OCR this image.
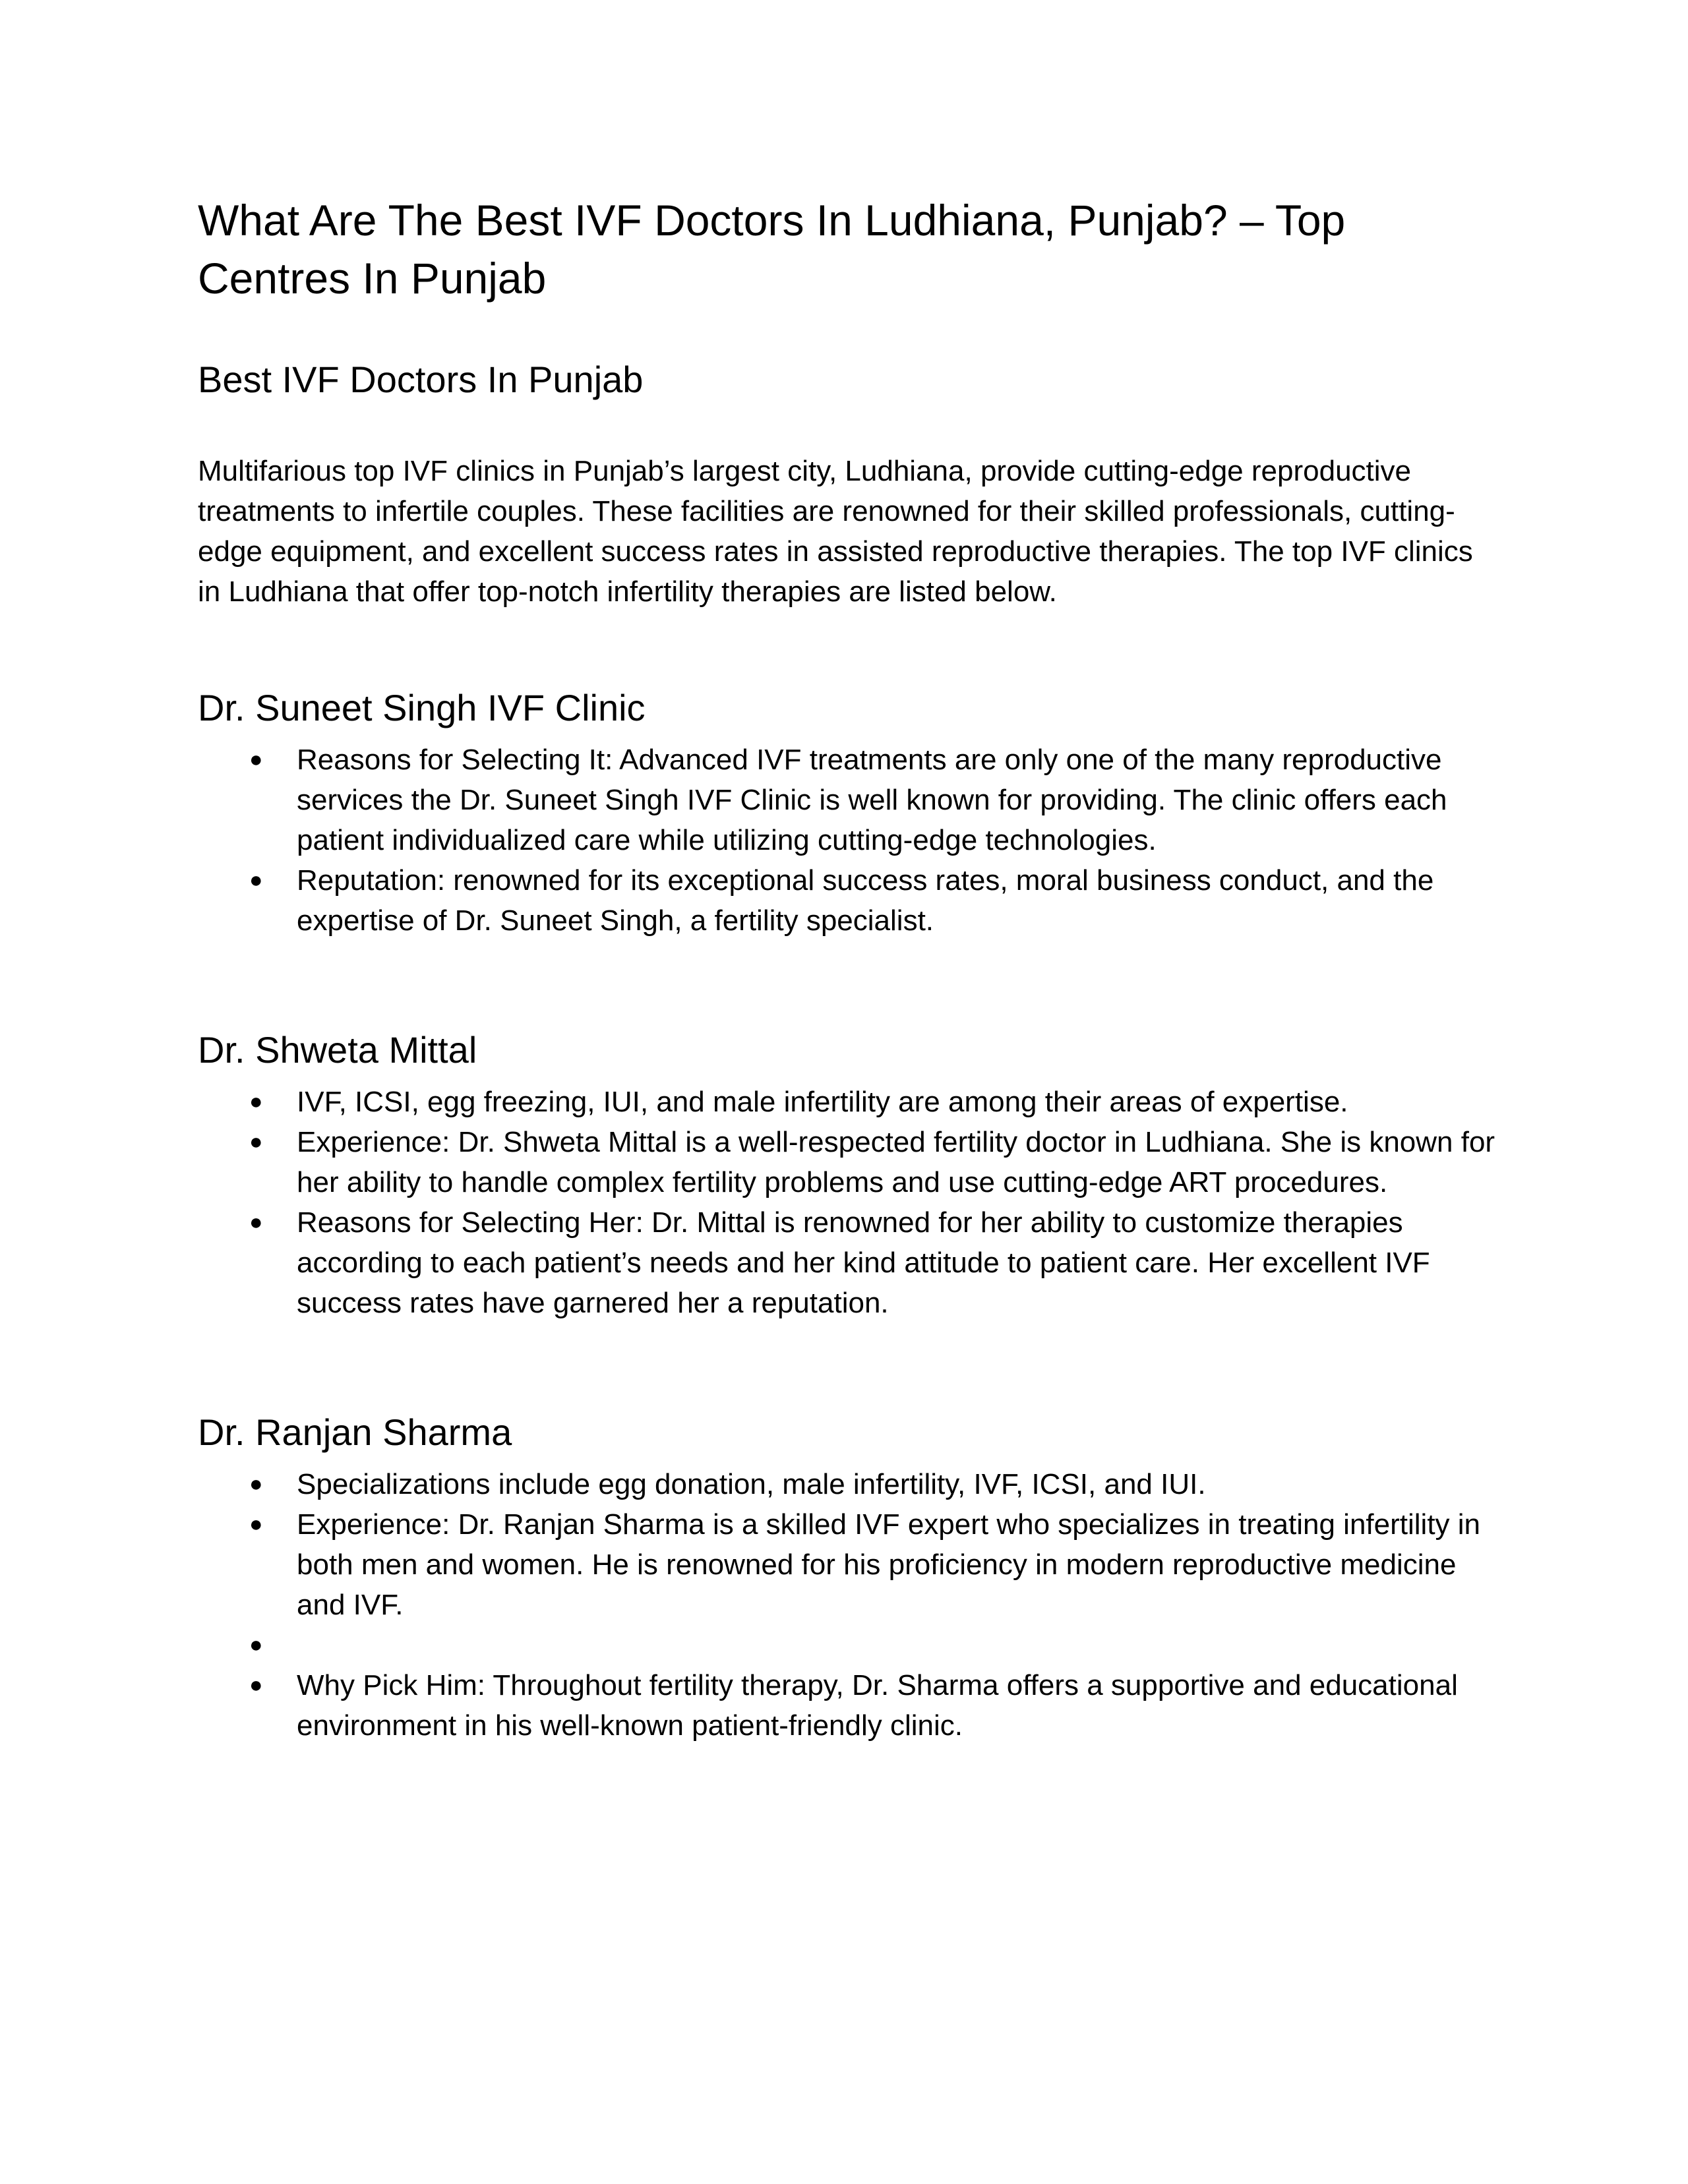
What Are The Best IVF Doctors In Ludhiana, Punjab? – Top Centres In Punjab
Best IVF Doctors In Punjab

Multifarious top IVF clinics in Punjab’s largest city, Ludhiana, provide cutting-edge reproductive treatments to infertile couples. These facilities are renowned for their skilled professionals, cutting-edge equipment, and excellent success rates in assisted reproductive therapies. The top IVF clinics in Ludhiana that offer top-notch infertility therapies are listed below.

Dr. Suneet Singh IVF Clinic
● Reasons for Selecting It: Advanced IVF treatments are only one of the many reproductive services the Dr. Suneet Singh IVF Clinic is well known for providing. The clinic offers each patient individualized care while utilizing cutting-edge technologies.
● Reputation: renowned for its exceptional success rates, moral business conduct, and the expertise of Dr. Suneet Singh, a fertility specialist.
Dr. Shweta Mittal
● IVF, ICSI, egg freezing, IUI, and male infertility are among their areas of expertise.
● Experience: Dr. Shweta Mittal is a well-respected fertility doctor in Ludhiana. She is known for her ability to handle complex fertility problems and use cutting-edge ART procedures.
● Reasons for Selecting Her: Dr. Mittal is renowned for her ability to customize therapies according to each patient’s needs and her kind attitude to patient care. Her excellent IVF success rates have garnered her a reputation.
Dr. Ranjan Sharma
● Specializations include egg donation, male infertility, IVF, ICSI, and IUI.
● Experience: Dr. Ranjan Sharma is a skilled IVF expert who specializes in treating infertility in both men and women. He is renowned for his proficiency in modern reproductive medicine and IVF.
●
● Why Pick Him: Throughout fertility therapy, Dr. Sharma offers a supportive and educational environment in his well-known patient-friendly clinic.
